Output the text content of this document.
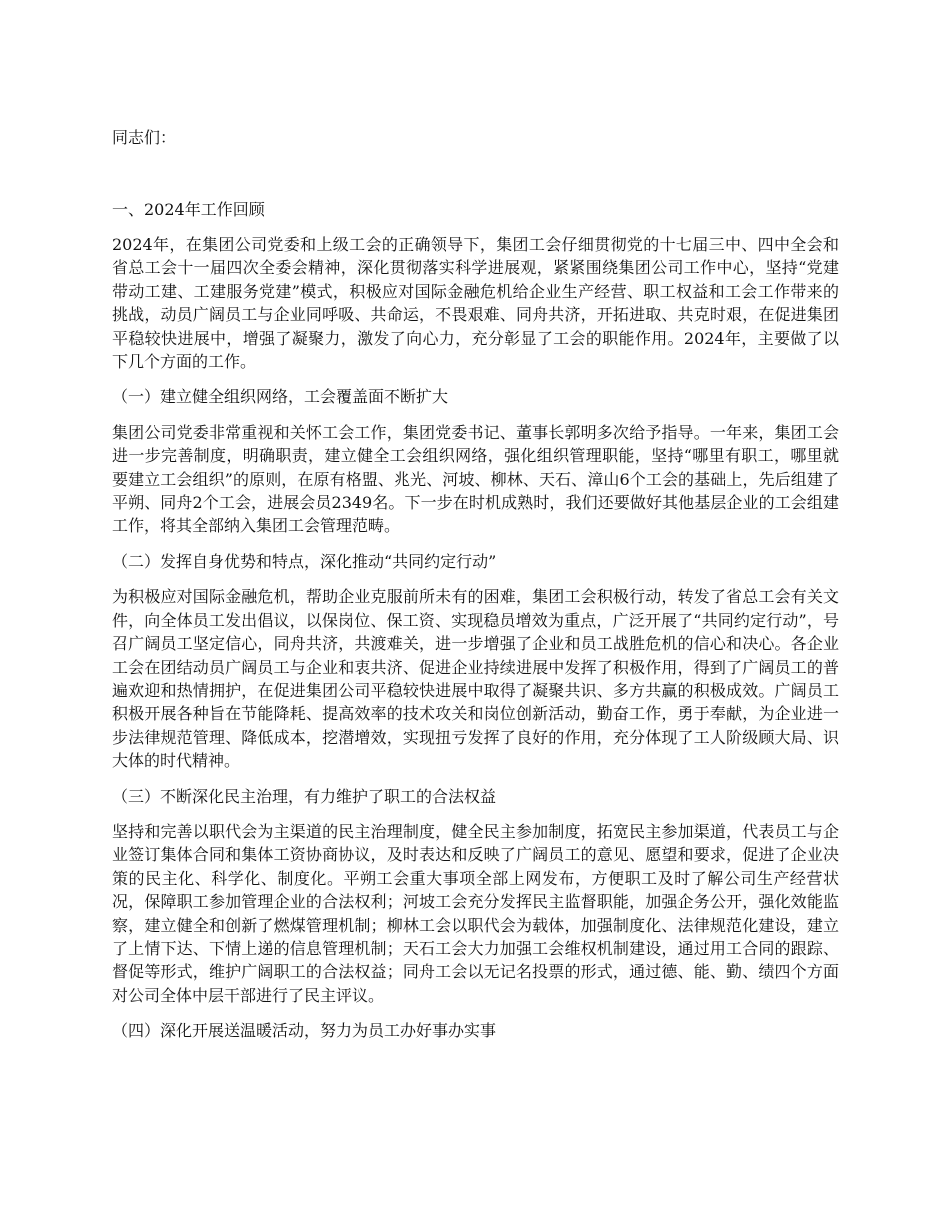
同志们：
一、2024年工作回顾

2024年，在集团公司党委和上级工会的正确领导下，集团工会仔细贯彻党的十七届三中、四中全会和省总工会十一届四次全委会精神，深化贯彻落实科学进展观，紧紧围绕集团公司工作中心，坚持“党建带动工建、工建服务党建”模式，积极应对国际金融危机给企业生产经营、职工权益和工会工作带来的挑战，动员广阔员工与企业同呼吸、共命运，不畏艰难、同舟共济，开拓进取、共克时艰，在促进集团平稳较快进展中，增强了凝聚力，激发了向心力，充分彰显了工会的职能作用。2024年，主要做了以下几个方面的工作。

（一）建立健全组织网络，工会覆盖面不断扩大

集团公司党委非常重视和关怀工会工作，集团党委书记、董事长郭明多次给予指导。一年来，集团工会进一步完善制度，明确职责，建立健全工会组织网络，强化组织管理职能，坚持“哪里有职工，哪里就要建立工会组织”的原则，在原有格盟、兆光、河坡、柳林、天石、漳山6个工会的基础上，先后组建了平朔、同舟2个工会，进展会员2349名。下一步在时机成熟时，我们还要做好其他基层企业的工会组建工作，将其全部纳入集团工会管理范畴。

（二）发挥自身优势和特点，深化推动“共同约定行动”

为积极应对国际金融危机，帮助企业克服前所未有的困难，集团工会积极行动，转发了省总工会有关文件，向全体员工发出倡议，以保岗位、保工资、实现稳员增效为重点，广泛开展了“共同约定行动”，号召广阔员工坚定信心，同舟共济，共渡难关，进一步增强了企业和员工战胜危机的信心和决心。各企业工会在团结动员广阔员工与企业和衷共济、促进企业持续进展中发挥了积极作用，得到了广阔员工的普遍欢迎和热情拥护，在促进集团公司平稳较快进展中取得了凝聚共识、多方共赢的积极成效。广阔员工积极开展各种旨在节能降耗、提高效率的技术攻关和岗位创新活动，勤奋工作，勇于奉献，为企业进一步法律规范管理、降低成本，挖潜增效，实现扭亏发挥了良好的作用，充分体现了工人阶级顾大局、识大体的时代精神。

（三）不断深化民主治理，有力维护了职工的合法权益

坚持和完善以职代会为主渠道的民主治理制度，健全民主参加制度，拓宽民主参加渠道，代表员工与企业签订集体合同和集体工资协商协议，及时表达和反映了广阔员工的意见、愿望和要求，促进了企业决策的民主化、科学化、制度化。平朔工会重大事项全部上网发布，方便职工及时了解公司生产经营状况，保障职工参加管理企业的合法权利；河坡工会充分发挥民主监督职能，加强企务公开，强化效能监察，建立健全和创新了燃煤管理机制；柳林工会以职代会为载体，加强制度化、法律规范化建设，建立了上情下达、下情上递的信息管理机制；天石工会大力加强工会维权机制建设，通过用工合同的跟踪、督促等形式，维护广阔职工的合法权益；同舟工会以无记名投票的形式，通过德、能、勤、绩四个方面对公司全体中层干部进行了民主评议。

（四）深化开展送温暖活动，努力为员工办好事办实事
